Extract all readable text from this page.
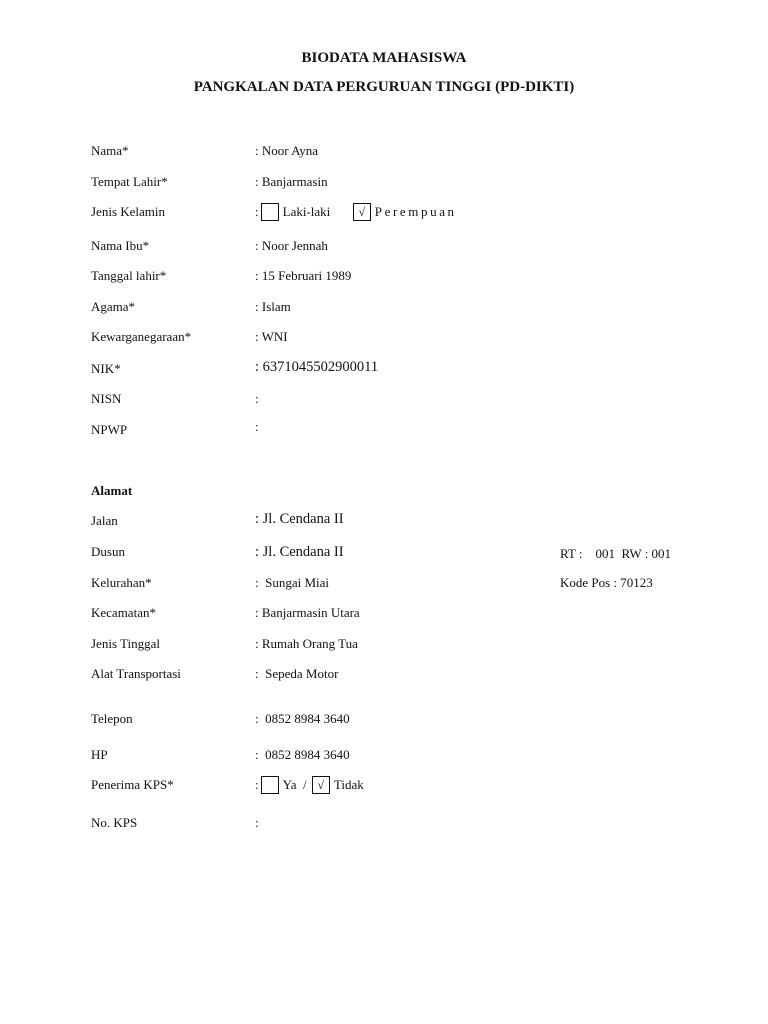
BIODATA MAHASISWA
PANGKALAN DATA PERGURUAN TINGGI (PD-DIKTI)
Nama*	: Noor Ayna
Tempat Lahir*	: Banjarmasin
Jenis Kelamin	: Laki-laki √ Perempuan
Nama Ibu*	: Noor Jennah
Tanggal lahir*	: 15 Februari 1989
Agama*	: Islam
Kewarganegaraan*	: WNI
NIK*	: 6371045502900011
NISN	:
NPWP	:
Alamat
Jalan	: Jl. Cendana II
Dusun	: Jl. Cendana II	RT :    001  RW : 001
Kelurahan*	:  Sungai Miai	Kode Pos : 70123
Kecamatan*	: Banjarmasin Utara
Jenis Tinggal	: Rumah Orang Tua
Alat Transportasi	:  Sepeda Motor
Telepon	:  0852 8984 3640
HP	:  0852 8984 3640
Penerima KPS*	: Ya  / √ Tidak
No. KPS	:
